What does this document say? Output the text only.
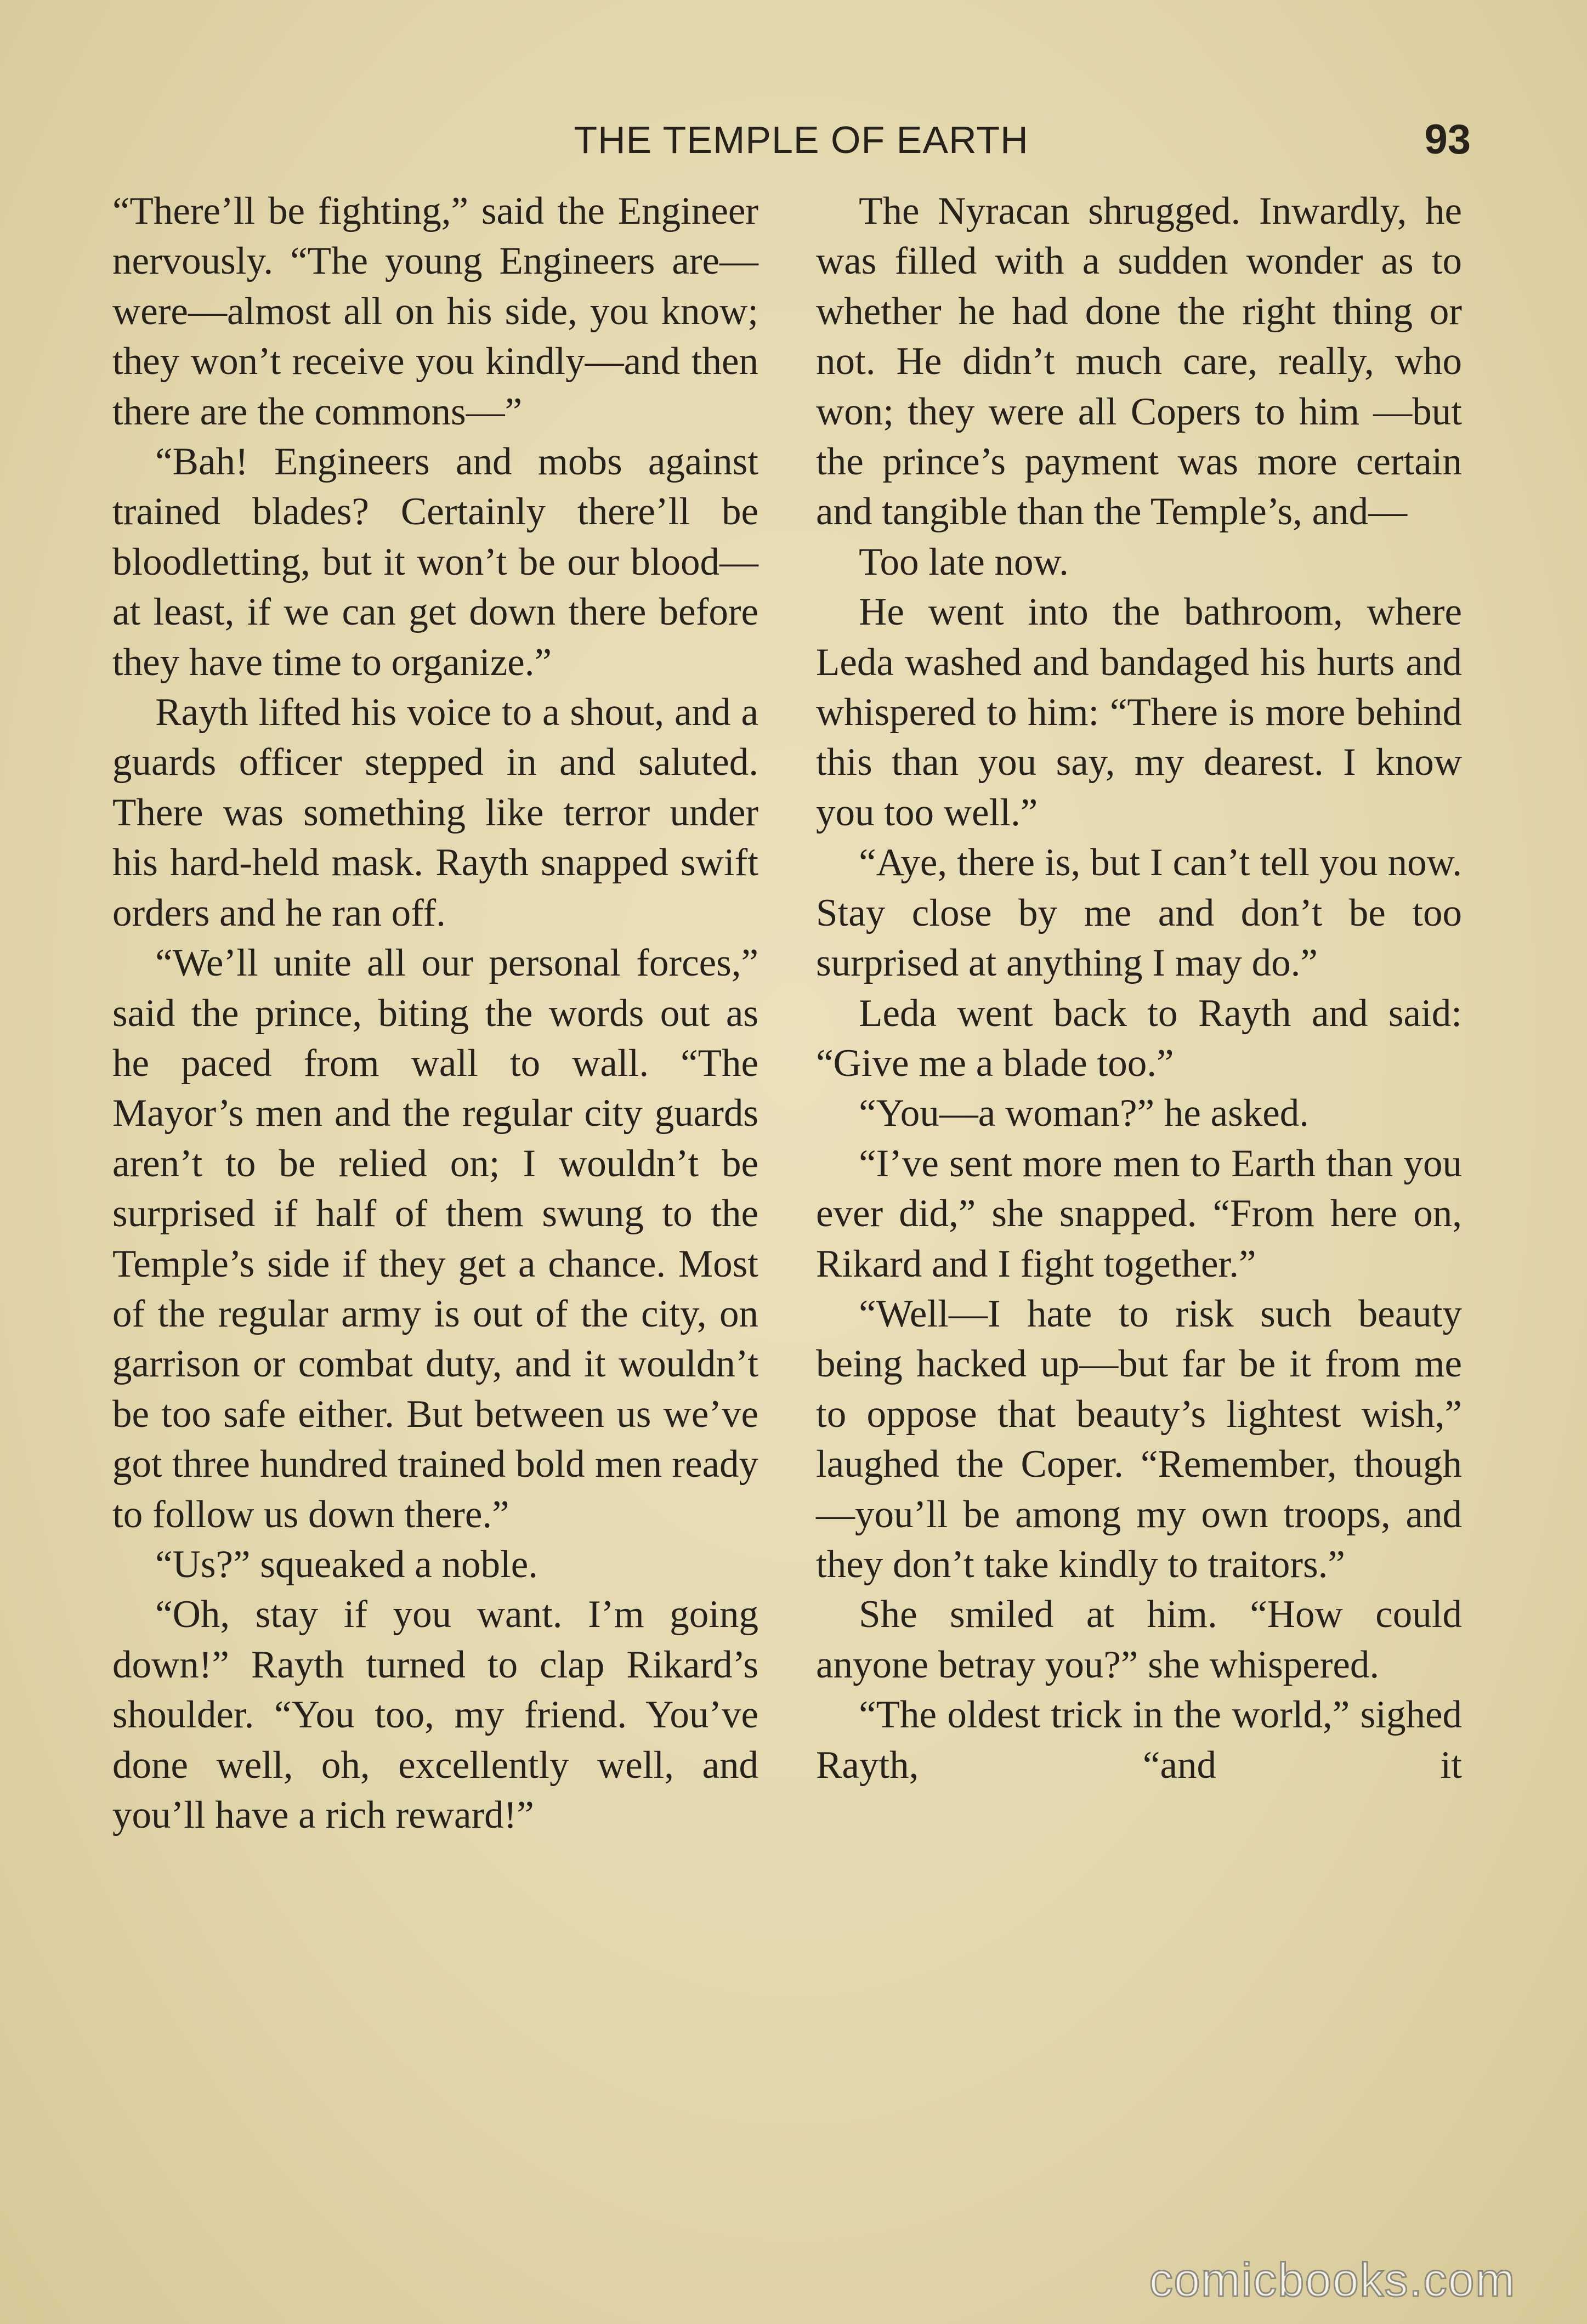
THE TEMPLE OF EARTH	93

“There’ll be fighting,” said the Engineer nervously. “The young Engineers are—were—almost all on his side, you know; they won’t receive you kindly—and then there are the commons—”

“Bah! Engineers and mobs against trained blades? Certainly there’ll be bloodletting, but it won’t be our blood—at least, if we can get down there before they have time to organize.”

Rayth lifted his voice to a shout, and a guards officer stepped in and saluted. There was something like terror under his hard-held mask. Rayth snapped swift orders and he ran off.

“We’ll unite all our personal forces,” said the prince, biting the words out as he paced from wall to wall. “The Mayor’s men and the regular city guards aren’t to be relied on; I wouldn’t be surprised if half of them swung to the Temple’s side if they get a chance. Most of the regular army is out of the city, on garrison or combat duty, and it wouldn’t be too safe either. But between us we’ve got three hundred trained bold men ready to follow us down there.”

“Us?” squeaked a noble.

“Oh, stay if you want. I’m going down!” Rayth turned to clap Rikard’s shoulder. “You too, my friend. You’ve done well, oh, excellently well, and you’ll have a rich reward!”

The Nyracan shrugged. Inwardly, he was filled with a sudden wonder as to whether he had done the right thing or not. He didn’t much care, really, who won; they were all Copers to him —but the prince’s payment was more certain and tangible than the Temple’s, and—

Too late now.

He went into the bathroom, where Leda washed and bandaged his hurts and whispered to him: “There is more behind this than you say, my dearest. I know you too well.”

“Aye, there is, but I can’t tell you now. Stay close by me and don’t be too surprised at anything I may do.”

Leda went back to Rayth and said: “Give me a blade too.”

“You—a woman?” he asked.

“I’ve sent more men to Earth than you ever did,” she snapped. “From here on, Rikard and I fight together.”

“Well—I hate to risk such beauty being hacked up—but far be it from me to oppose that beauty’s lightest wish,” laughed the Coper. “Remember, though—you’ll be among my own troops, and they don’t take kindly to traitors.”

She smiled at him. “How could anyone betray you?” she whispered.

“The oldest trick in the world,” sighed Rayth, “and it

comicbooks.com
